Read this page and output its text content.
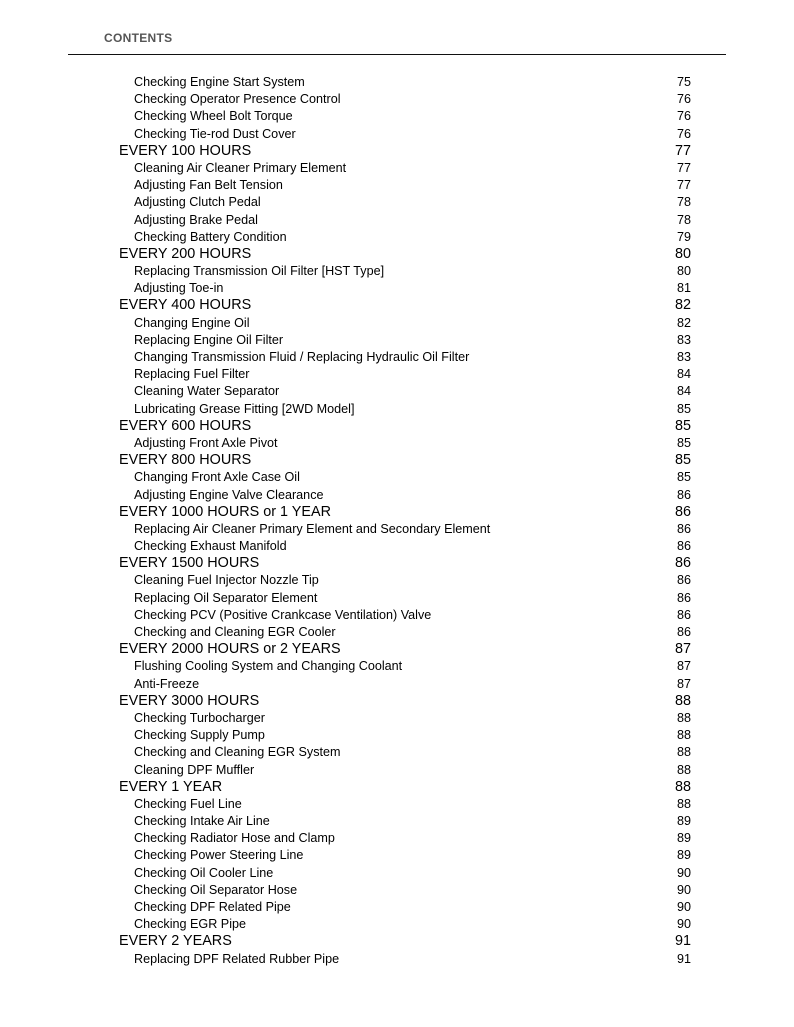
CONTENTS
Checking Engine Start System	75
Checking Operator Presence Control	76
Checking Wheel Bolt Torque	76
Checking Tie-rod Dust Cover	76
EVERY 100 HOURS	77
Cleaning Air Cleaner Primary Element	77
Adjusting Fan Belt Tension	77
Adjusting Clutch Pedal	78
Adjusting Brake Pedal	78
Checking Battery Condition	79
EVERY 200 HOURS	80
Replacing Transmission Oil Filter [HST Type]	80
Adjusting Toe-in	81
EVERY 400 HOURS	82
Changing Engine Oil	82
Replacing Engine Oil Filter	83
Changing Transmission Fluid / Replacing Hydraulic Oil Filter	83
Replacing Fuel Filter	84
Cleaning Water Separator	84
Lubricating Grease Fitting [2WD Model]	85
EVERY 600 HOURS	85
Adjusting Front Axle Pivot	85
EVERY 800 HOURS	85
Changing Front Axle Case Oil	85
Adjusting Engine Valve Clearance	86
EVERY 1000 HOURS or 1 YEAR	86
Replacing Air Cleaner Primary Element and Secondary Element	86
Checking Exhaust Manifold	86
EVERY 1500 HOURS	86
Cleaning Fuel Injector Nozzle Tip	86
Replacing Oil Separator Element	86
Checking PCV (Positive Crankcase Ventilation) Valve	86
Checking and Cleaning EGR Cooler	86
EVERY 2000 HOURS or 2 YEARS	87
Flushing Cooling System and Changing Coolant	87
Anti-Freeze	87
EVERY 3000 HOURS	88
Checking Turbocharger	88
Checking Supply Pump	88
Checking and Cleaning EGR System	88
Cleaning DPF Muffler	88
EVERY 1 YEAR	88
Checking Fuel Line	88
Checking Intake Air Line	89
Checking Radiator Hose and Clamp	89
Checking Power Steering Line	89
Checking Oil Cooler Line	90
Checking Oil Separator Hose	90
Checking DPF Related Pipe	90
Checking EGR Pipe	90
EVERY 2 YEARS	91
Replacing DPF Related Rubber Pipe	91
